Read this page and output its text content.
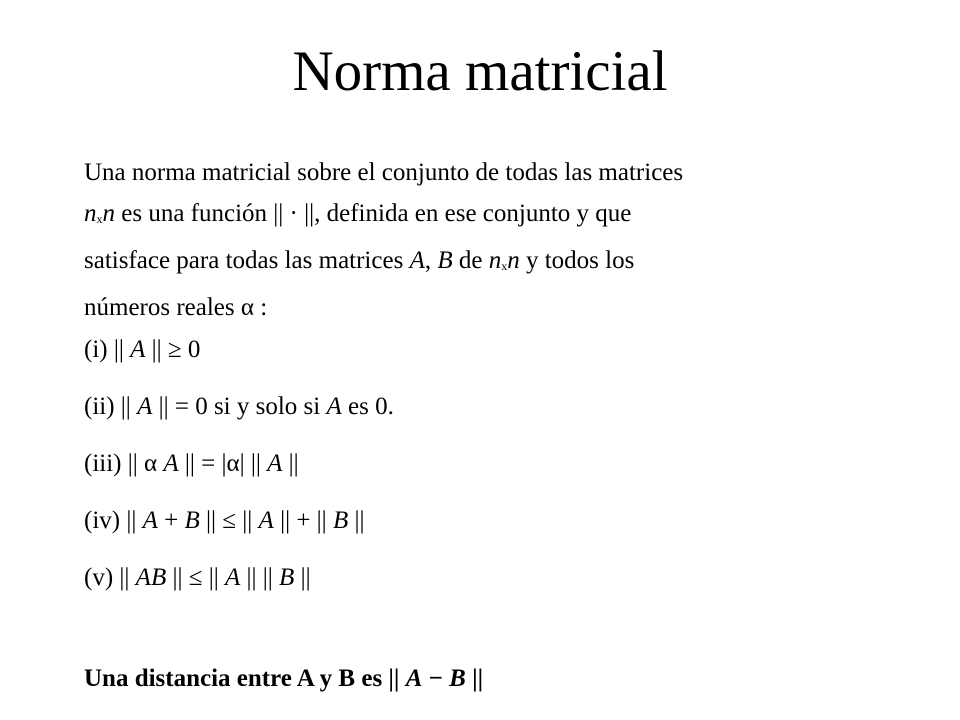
Norma matricial
Una norma matricial sobre el conjunto de todas las matrices
nxn es una función || · ||, definida en ese conjunto y que
satisface para todas las matrices A, B de nxn y todos los
números reales α :
(i) || A || ≥ 0
(ii) || A || = 0 si y solo si A es 0.
(iii) || α A || = |α| || A ||
(iv) || A + B || ≤ || A || + || B ||
(v) || AB || ≤ || A || || B ||
Una distancia entre A y B es || A − B ||
